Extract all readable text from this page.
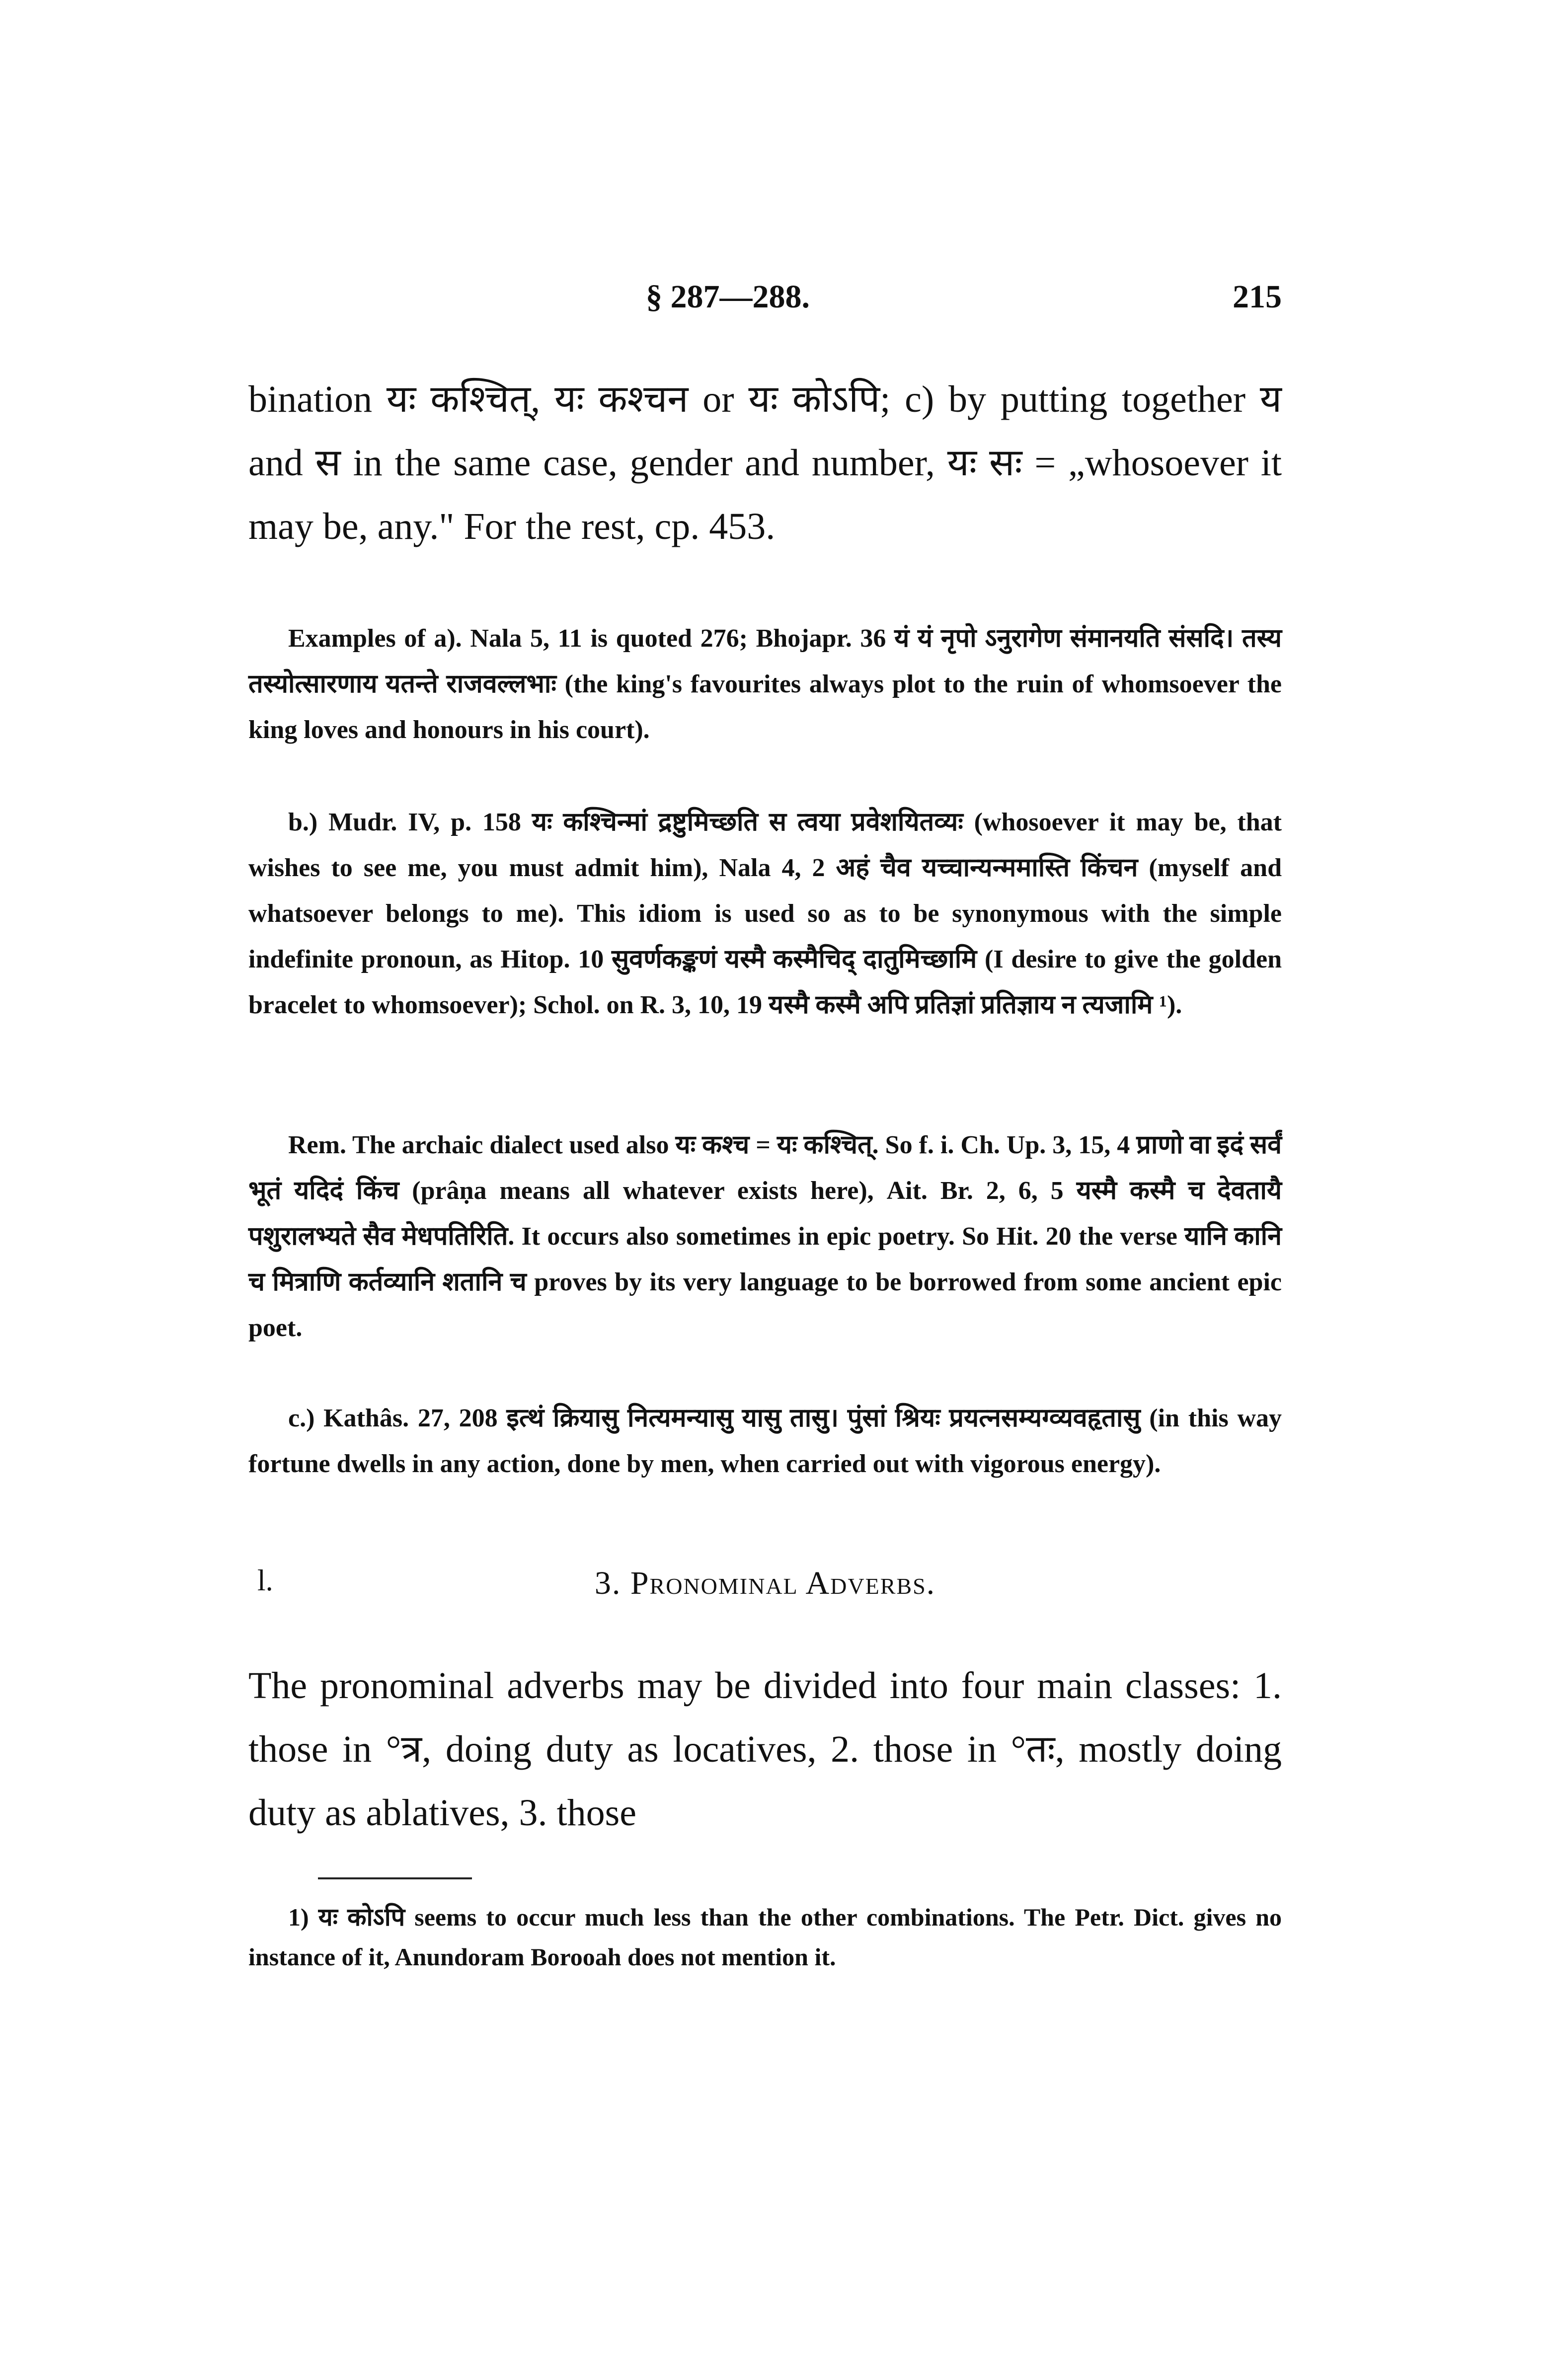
§ 287—288.	215

bination यः कश्चित्, यः कश्चन or यः कोऽपि; c) by putting together य and स in the same case, gender and number, यः सः = „whosoever it may be, any." For the rest, cp. 453.

Examples of a). Nala 5, 11 is quoted 276; Bhojapr. 36 यं यं नृपो ऽनुरागेण संमानयति संसदि। तस्य तस्योत्सारणाय यतन्ते राजवल्लभाः (the king's favourites always plot to the ruin of whomsoever the king loves and honours in his court).

b.) Mudr. IV, p. 158 यः कश्चिन्मां द्रष्टुमिच्छति स त्वया प्रवेशयितव्यः (whosoever it may be, that wishes to see me, you must admit him), Nala 4, 2 अहं चैव यच्चान्यन्ममास्ति किंचन (myself and whatsoever belongs to me). This idiom is used so as to be synonymous with the simple indefinite pronoun, as Hitop. 10 सुवर्णकङ्कणं यस्मै कस्मैचिद् दातुमिच्छामि (I desire to give the golden bracelet to whomsoever); Schol. on R. 3, 10, 19 यस्मै कस्मै अपि प्रतिज्ञां प्रतिज्ञाय न त्यजामि ¹).

Rem. The archaic dialect used also यः कश्च = यः कश्चित्. So f. i. Ch. Up. 3, 15, 4 प्राणो वा इदं सर्वं भूतं यदिदं किंच (prâṇa means all whatever exists here), Ait. Br. 2, 6, 5 यस्मै कस्मै च देवतायै पशुरालभ्यते सैव मेधपतिरिति. It occurs also sometimes in epic poetry. So Hit. 20 the verse यानि कानि च मित्राणि कर्तव्यानि शतानि च proves by its very language to be borrowed from some ancient epic poet.

c.) Kathâs. 27, 208 इत्थं क्रियासु नित्यमन्यासु यासु तासु। पुंसां श्रियः प्रयत्नसम्यग्व्यवहृतासु (in this way fortune dwells in any action, done by men, when carried out with vigorous energy).

l.	3. Pronominal Adverbs.

The pronominal adverbs may be divided into four main classes: 1. those in °त्र, doing duty as locatives, 2. those in °तः, mostly doing duty as ablatives, 3. those

1) यः कोऽपि seems to occur much less than the other combinations. The Petr. Dict. gives no instance of it, Anundoram Borooah does not mention it.
